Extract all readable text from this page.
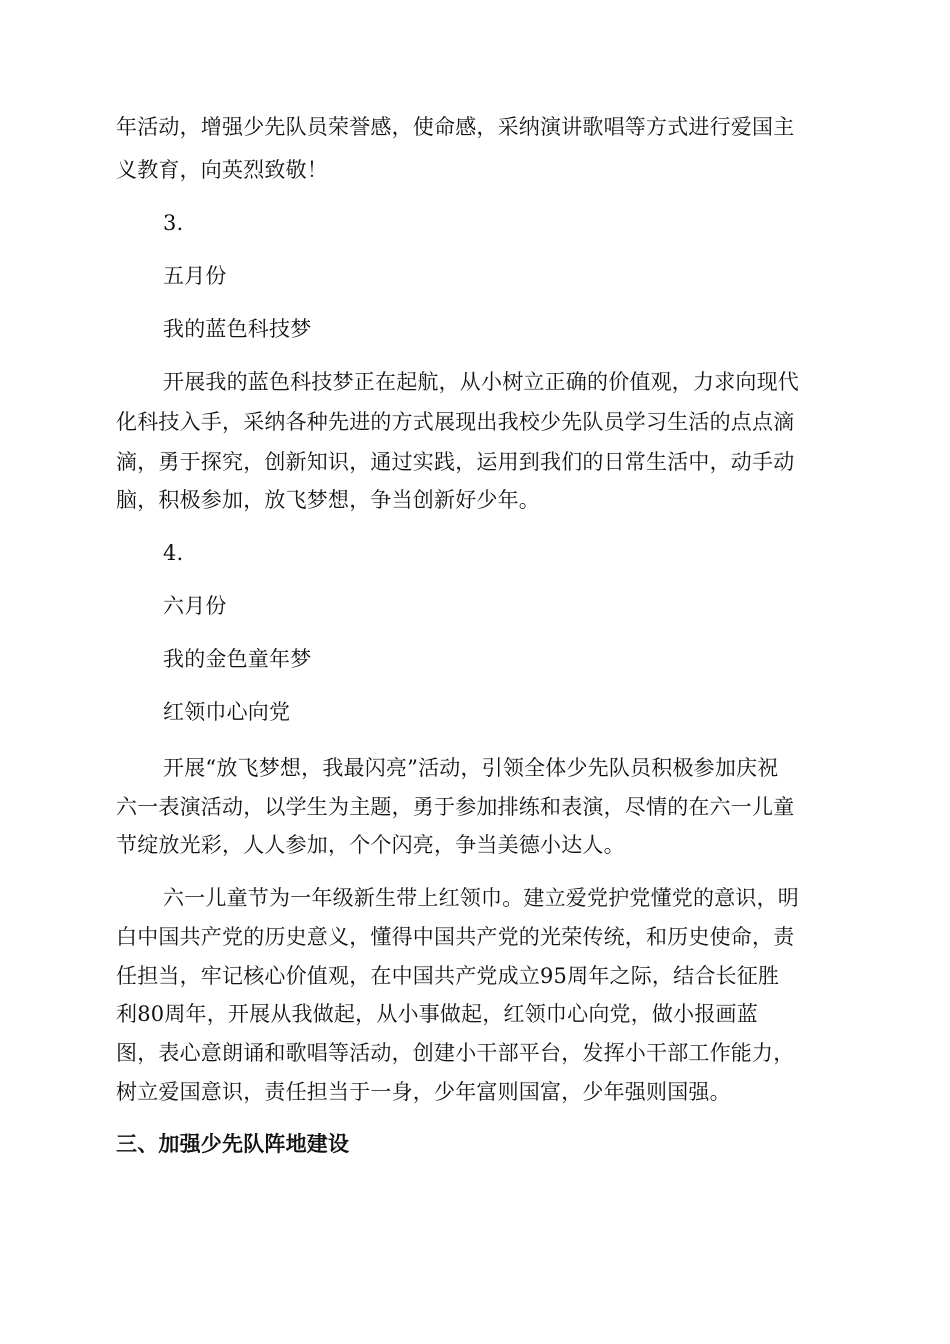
年活动，增强少先队员荣誉感，使命感，采纳演讲歌唱等方式进行爱国主

义教育，向英烈致敬！

3.

五月份

我的蓝色科技梦

开展我的蓝色科技梦正在起航，从小树立正确的价值观，力求向现代

化科技入手，采纳各种先进的方式展现出我校少先队员学习生活的点点滴

滴，勇于探究，创新知识，通过实践，运用到我们的日常生活中，动手动

脑，积极参加，放飞梦想，争当创新好少年。

4.

六月份

我的金色童年梦

红领巾心向党

开展“放飞梦想，我最闪亮”活动，引领全体少先队员积极参加庆祝

六一表演活动，以学生为主题，勇于参加排练和表演，尽情的在六一儿童

节绽放光彩，人人参加，个个闪亮，争当美德小达人。

六一儿童节为一年级新生带上红领巾。建立爱党护党懂党的意识，明

白中国共产党的历史意义，懂得中国共产党的光荣传统，和历史使命，责

任担当，牢记核心价值观，在中国共产党成立95周年之际，结合长征胜

利80周年，开展从我做起，从小事做起，红领巾心向党，做小报画蓝

图，表心意朗诵和歌唱等活动，创建小干部平台，发挥小干部工作能力，

树立爱国意识，责任担当于一身，少年富则国富，少年强则国强。

三、加强少先队阵地建设
